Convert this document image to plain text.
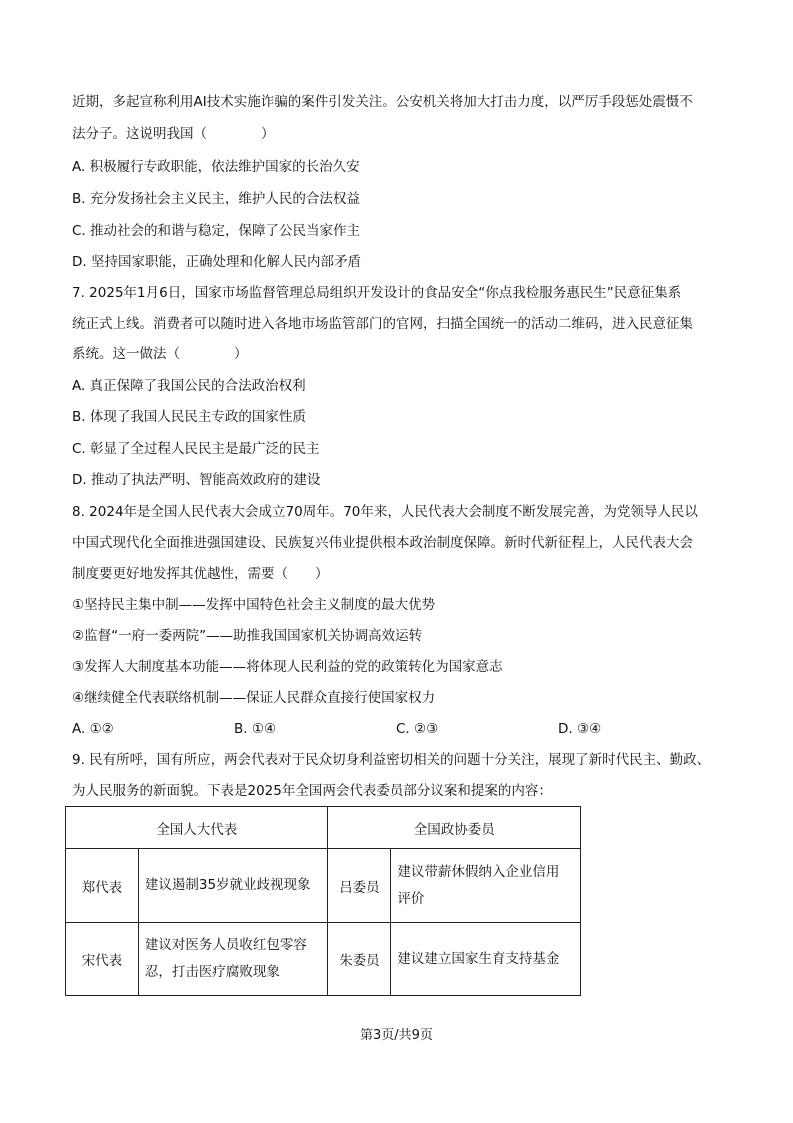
近期，多起宣称利用AI技术实施诈骗的案件引发关注。公安机关将加大打击力度，以严厉手段惩处震慑不
法分子。这说明我国（　　　　）
A. 积极履行专政职能，依法维护国家的长治久安
B. 充分发扬社会主义民主，维护人民的合法权益
C. 推动社会的和谐与稳定，保障了公民当家作主
D. 坚持国家职能，正确处理和化解人民内部矛盾
7. 2025年1月6日，国家市场监督管理总局组织开发设计的食品安全“你点我检服务惠民生”民意征集系
统正式上线。消费者可以随时进入各地市场监管部门的官网，扫描全国统一的活动二维码，进入民意征集
系统。这一做法（　　　　）
A. 真正保障了我国公民的合法政治权利
B. 体现了我国人民民主专政的国家性质
C. 彰显了全过程人民民主是最广泛的民主
D. 推动了执法严明、智能高效政府的建设
8. 2024年是全国人民代表大会成立70周年。70年来，人民代表大会制度不断发展完善，为党领导人民以
中国式现代化全面推进强国建设、民族复兴伟业提供根本政治制度保障。新时代新征程上，人民代表大会
制度要更好地发挥其优越性，需要（　　）
①坚持民主集中制——发挥中国特色社会主义制度的最大优势
②监督“一府一委两院”——助推我国国家机关协调高效运转
③发挥人大制度基本功能——将体现人民利益的党的政策转化为国家意志
④继续健全代表联络机制——保证人民群众直接行使国家权力
A. ①②	B. ①④	C. ②③	D. ③④
9. 民有所呼，国有所应，两会代表对于民众切身利益密切相关的问题十分关注，展现了新时代民主、勤政、
为人民服务的新面貌。下表是2025年全国两会代表委员部分议案和提案的内容：
全国人大代表		全国政协委员	
郑代表	建议遏制35岁就业歧视现象	吕委员	建议带薪休假纳入企业信用
评价
宋代表	建议对医务人员收红包零容
忍，打击医疗腐败现象	朱委员	建议建立国家生育支持基金
第3页/共9页
